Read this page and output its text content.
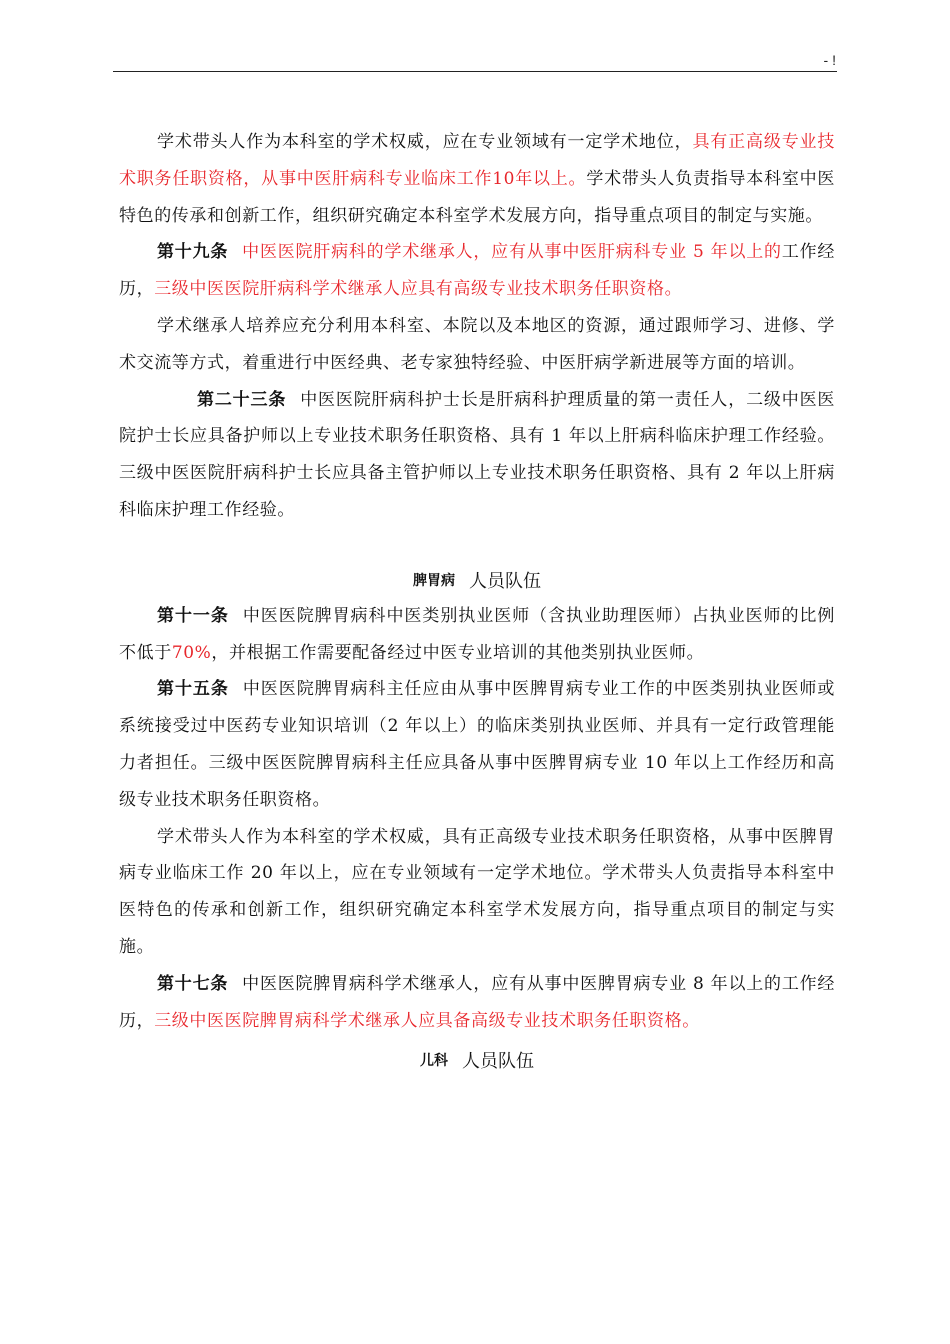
- !

学术带头人作为本科室的学术权威，应在专业领域有一定学术地位，具有正高级专业技术职务任职资格，从事中医肝病科专业临床工作10年以上。学术带头人负责指导本科室中医特色的传承和创新工作，组织研究确定本科室学术发展方向，指导重点项目的制定与实施。

第十九条 中医医院肝病科的学术继承人，应有从事中医肝病科专业 5 年以上的工作经历，三级中医医院肝病科学术继承人应具有高级专业技术职务任职资格。

学术继承人培养应充分利用本科室、本院以及本地区的资源，通过跟师学习、进修、学术交流等方式，着重进行中医经典、老专家独特经验、中医肝病学新进展等方面的培训。

第二十三条 中医医院肝病科护士长是肝病科护理质量的第一责任人，二级中医医院护士长应具备护师以上专业技术职务任职资格、具有 1 年以上肝病科临床护理工作经验。三级中医医院肝病科护士长应具备主管护师以上专业技术职务任职资格、具有 2 年以上肝病科临床护理工作经验。

脾胃病 人员队伍

第十一条 中医医院脾胃病科中医类别执业医师（含执业助理医师）占执业医师的比例不低于70%，并根据工作需要配备经过中医专业培训的其他类别执业医师。

第十五条 中医医院脾胃病科主任应由从事中医脾胃病专业工作的中医类别执业医师或系统接受过中医药专业知识培训（2 年以上）的临床类别执业医师、并具有一定行政管理能力者担任。三级中医医院脾胃病科主任应具备从事中医脾胃病专业 10 年以上工作经历和高级专业技术职务任职资格。

学术带头人作为本科室的学术权威，具有正高级专业技术职务任职资格，从事中医脾胃病专业临床工作 20 年以上，应在专业领域有一定学术地位。学术带头人负责指导本科室中医特色的传承和创新工作，组织研究确定本科室学术发展方向，指导重点项目的制定与实施。

第十七条 中医医院脾胃病科学术继承人，应有从事中医脾胃病专业 8 年以上的工作经历，三级中医医院脾胃病科学术继承人应具备高级专业技术职务任职资格。

儿科 人员队伍
